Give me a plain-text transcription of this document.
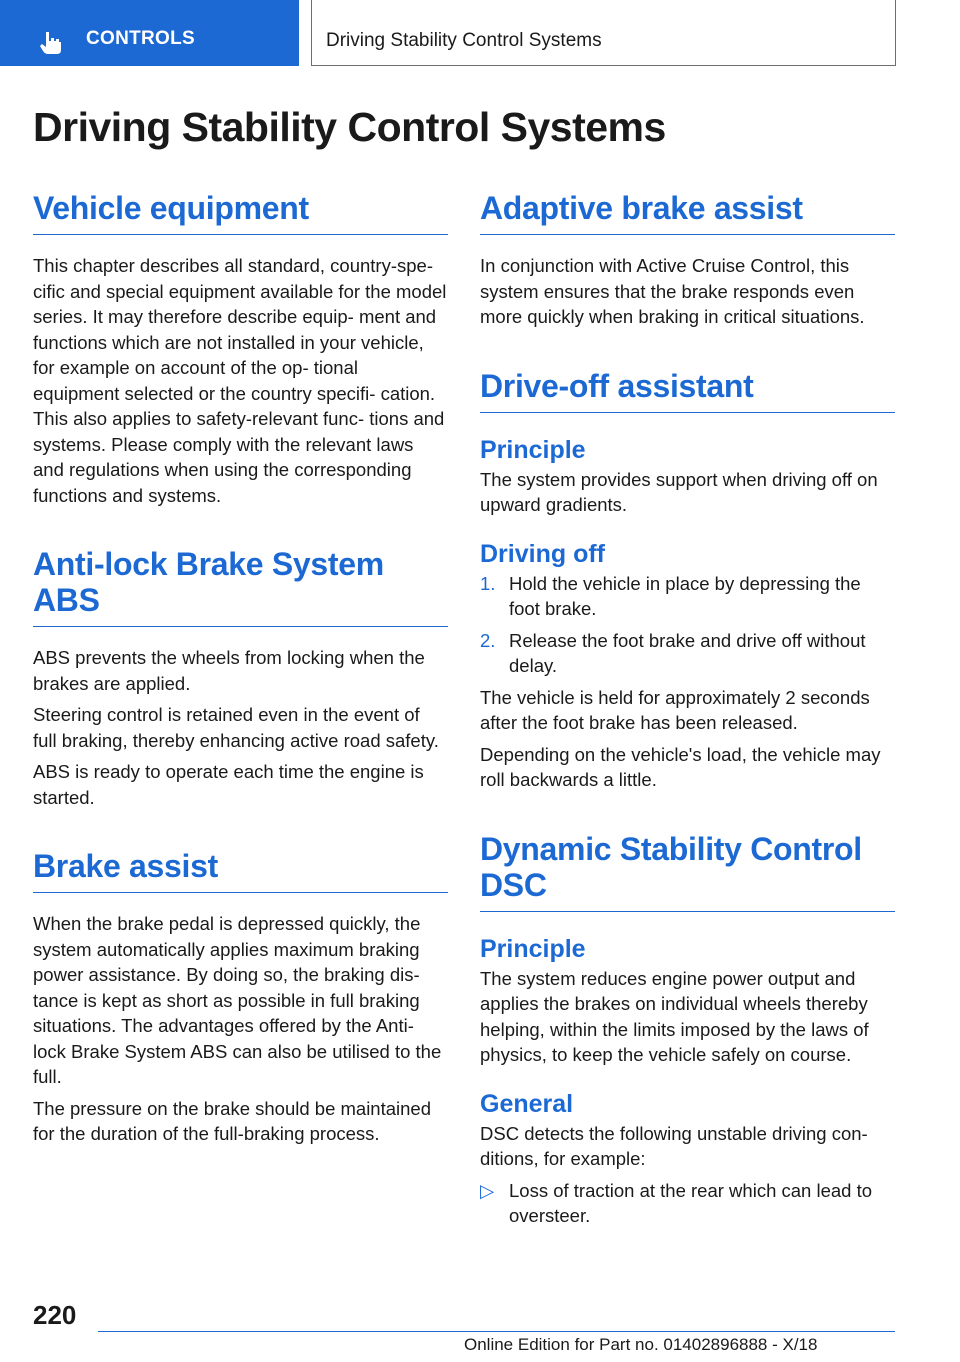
CONTROLS	Driving Stability Control Systems
Driving Stability Control Systems
Vehicle equipment

This chapter describes all standard, country-spe‐ cific and special equipment available for the model series. It may therefore describe equip‐ ment and functions which are not installed in your vehicle, for example on account of the op‐ tional equipment selected or the country specifi‐ cation. This also applies to safety-relevant func‐ tions and systems. Please comply with the relevant laws and regulations when using the corresponding functions and systems.

Anti-lock Brake System ABS

ABS prevents the wheels from locking when the brakes are applied.

Steering control is retained even in the event of full braking, thereby enhancing active road safety.

ABS is ready to operate each time the engine is started.

Brake assist

When the brake pedal is depressed quickly, the system automatically applies maximum braking power assistance. By doing so, the braking dis‐ tance is kept as short as possible in full braking situations. The advantages offered by the Anti- lock Brake System ABS can also be utilised to the full.

The pressure on the brake should be maintained for the duration of the full-braking process.

Adaptive brake assist

In conjunction with Active Cruise Control, this system ensures that the brake responds even more quickly when braking in critical situations.

Drive-off assistant
Principle

The system provides support when driving off on upward gradients.

Driving off
1. Hold the vehicle in place by depressing the foot brake.
2. Release the foot brake and drive off without delay.

The vehicle is held for approximately 2 seconds after the foot brake has been released.

Depending on the vehicle's load, the vehicle may roll backwards a little.

Dynamic Stability Control DSC
Principle

The system reduces engine power output and applies the brakes on individual wheels thereby helping, within the limits imposed by the laws of physics, to keep the vehicle safely on course.

General

DSC detects the following unstable driving con‐ ditions, for example:

▷ Loss of traction at the rear which can lead to oversteer.
220
Online Edition for Part no. 01402896888 - X/18
